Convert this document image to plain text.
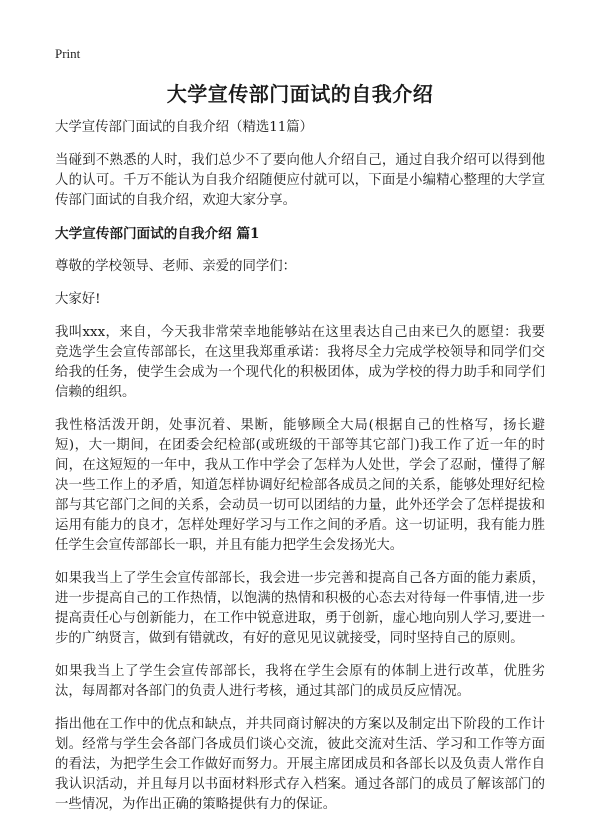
Print
大学宣传部门面试的自我介绍

大学宣传部门面试的自我介绍（精选11篇）

当碰到不熟悉的人时，我们总少不了要向他人介绍自己，通过自我介绍可以得到他人的认可。千万不能认为自我介绍随便应付就可以，下面是小编精心整理的大学宣传部门面试的自我介绍，欢迎大家分享。

大学宣传部门面试的自我介绍 篇1

尊敬的学校领导、老师、亲爱的同学们：

大家好!

我叫xxx，来自，今天我非常荣幸地能够站在这里表达自己由来已久的愿望：我要竞选学生会宣传部部长，在这里我郑重承诺：我将尽全力完成学校领导和同学们交给我的任务，使学生会成为一个现代化的积极团体，成为学校的得力助手和同学们信赖的组织。

我性格活泼开朗，处事沉着、果断，能够顾全大局(根据自己的性格写，扬长避短)，大一期间，在团委会纪检部(或班级的干部等其它部门)我工作了近一年的时间，在这短短的一年中，我从工作中学会了怎样为人处世，学会了忍耐，懂得了解决一些工作上的矛盾，知道怎样协调好纪检部各成员之间的关系，能够处理好纪检部与其它部门之间的关系，会动员一切可以团结的力量，此外还学会了怎样提拔和运用有能力的良才，怎样处理好学习与工作之间的矛盾。这一切证明，我有能力胜任学生会宣传部部长一职，并且有能力把学生会发扬光大。

如果我当上了学生会宣传部部长，我会进一步完善和提高自己各方面的能力素质，进一步提高自己的工作热情，以饱满的热情和积极的心态去对待每一件事情,进一步提高责任心与创新能力，在工作中锐意进取，勇于创新，虚心地向别人学习,要进一步的广纳贤言，做到有错就改，有好的意见见议就接受，同时坚持自己的原则。

如果我当上了学生会宣传部部长，我将在学生会原有的体制上进行改革，优胜劣汰，每周都对各部门的负责人进行考核，通过其部门的成员反应情况。

指出他在工作中的优点和缺点，并共同商讨解决的方案以及制定出下阶段的工作计划。经常与学生会各部门各成员们谈心交流，彼此交流对生活、学习和工作等方面的看法，为把学生会工作做好而努力。开展主席团成员和各部长以及负责人常作自我认识活动，并且每月以书面材料形式存入档案。通过各部门的成员了解该部门的一些情况，为作出正确的策略提供有力的保证。
